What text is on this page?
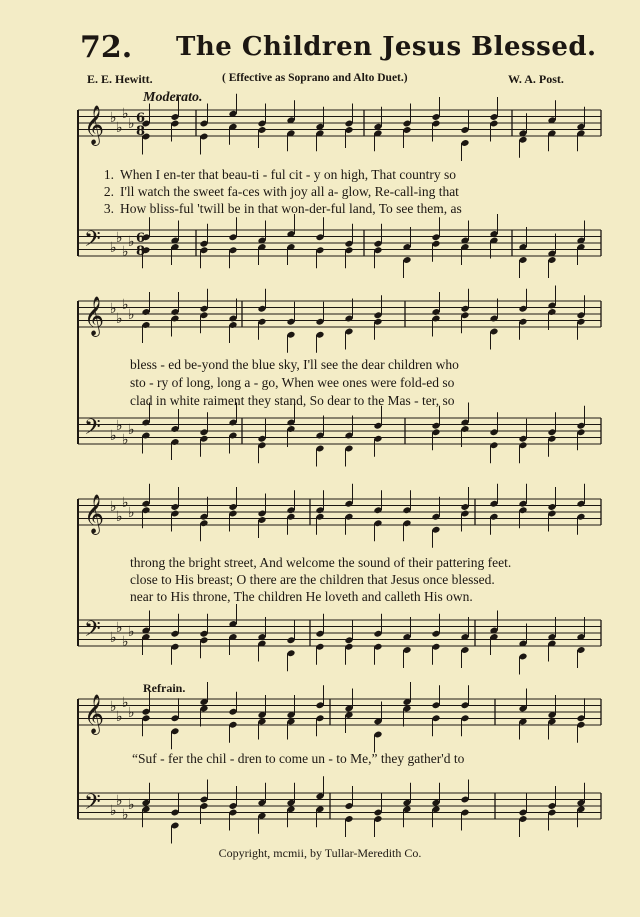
72. The Children Jesus Blessed.
E. E. Hewitt.	( Effective as Soprano and Alto Duet.)	W. A. Post.
Moderato.
Refrain.
𝄞 ♭
♭
♭
♭
𝄢 ♭
♭
♭
♭
𝄞 ♭
♭
♭
♭
𝄢 ♭
♭
♭
♭
𝄞 ♭
♭
♭
♭
𝄢 ♭
♭
♭
♭
𝄞 ♭
♭
♭
♭
𝄢 ♭
♭
♭
♭
6
8
6
8
1. When I en-ter that beau-ti - ful cit - y on high, That country so
2. I'll watch the sweet fa-ces with joy all a- glow, Re-call-ing that
3. How bliss-ful 'twill be in that won-der-ful land, To see them, as
bless - ed be-yond the blue sky, I'll see the dear children who
sto - ry of long, long a - go, When wee ones were fold-ed so
clad in white raiment they stand, So dear to the Mas - ter, so
throng the bright street, And welcome the sound of their pattering feet.
close to His breast; O there are the children that Jesus once blessed.
near to His throne, The children He loveth and calleth His own.
“Suf - fer the chil - dren to come un - to Me,” they gather'd to
Copyright, mcmii, by Tullar-Meredith Co.
